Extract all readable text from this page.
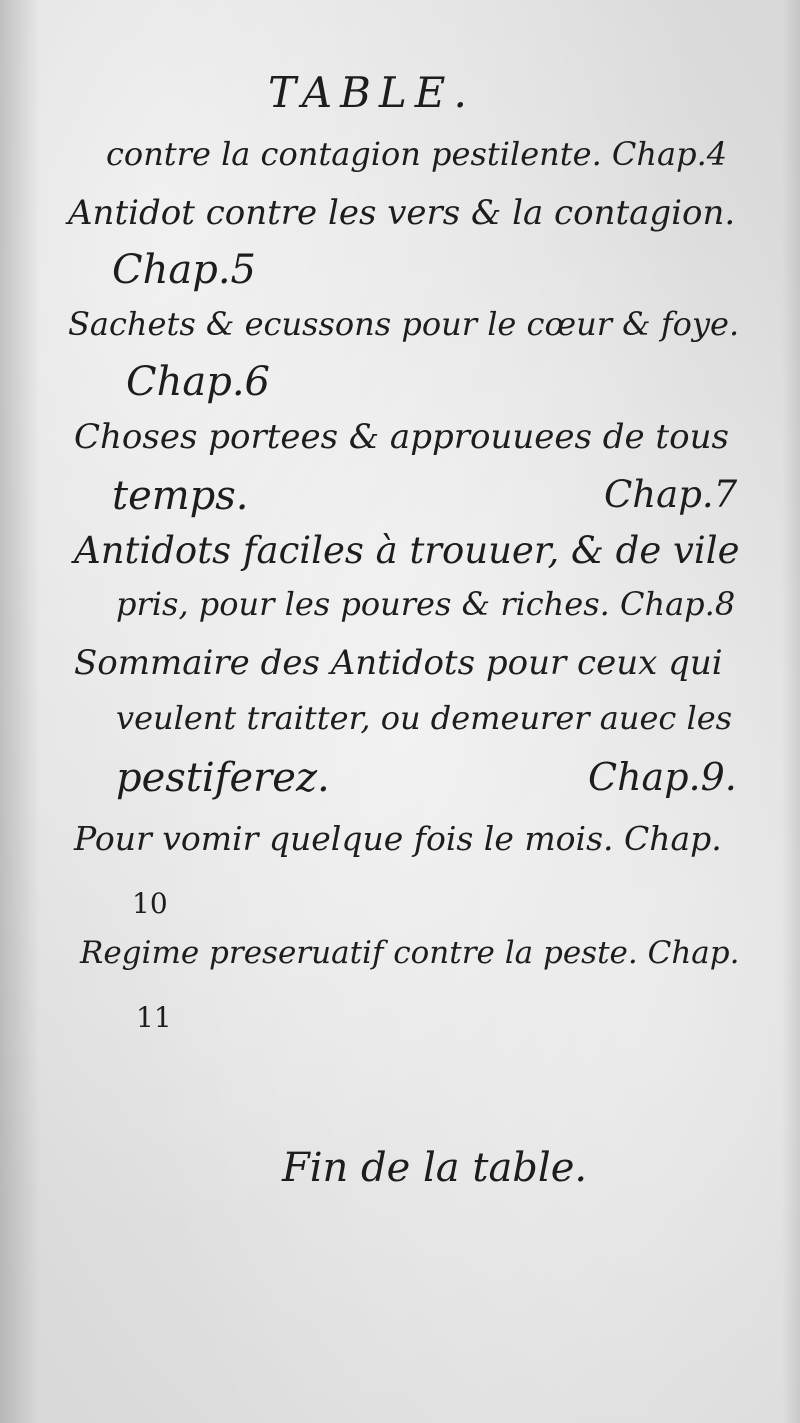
TABLE.
contre la contagion pestilente. Chap.4
Antidot contre les vers & la contagion.
Chap.5
Sachets & ecussons pour le cœur & foye.
Chap.6
Choses portees & approuuees de tous
temps.	Chap.7
Antidots faciles à trouuer, & de vile
pris, pour les poures & riches. Chap.8
Sommaire des Antidots pour ceux qui
veulent traitter, ou demeurer auec les
pestiferez.	Chap.9.
Pour vomir quelque fois le mois. Chap.
10
Regime preseruatif contre la peste. Chap.
11
Fin de la table.
